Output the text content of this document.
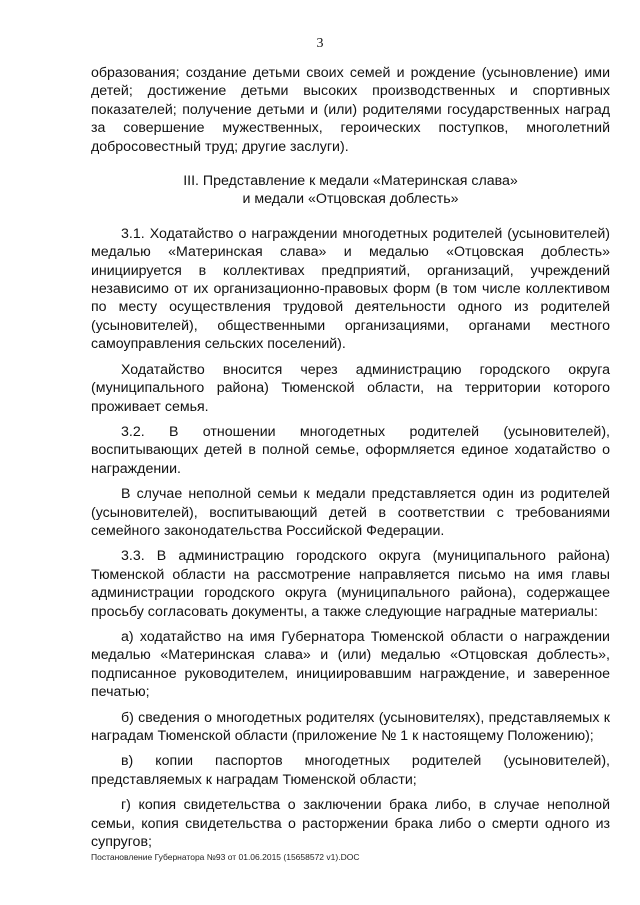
3

образования; создание детьми своих семей и рождение (усыновление) ими детей; достижение детьми высоких производственных и спортивных показателей; получение детьми и (или) родителями государственных наград за совершение мужественных, героических поступков, многолетний добросовестный труд; другие заслуги).

III. Представление к медали «Материнская слава»
и медали «Отцовская доблесть»

3.1. Ходатайство о награждении многодетных родителей (усыновителей) медалью «Материнская слава» и медалью «Отцовская доблесть» инициируется в коллективах предприятий, организаций, учреждений независимо от их организационно-правовых форм (в том числе коллективом по месту осуществления трудовой деятельности одного из родителей (усыновителей), общественными организациями, органами местного самоуправления сельских поселений).

Ходатайство вносится через администрацию городского округа (муниципального района) Тюменской области, на территории которого проживает семья.

3.2. В отношении многодетных родителей (усыновителей), воспитывающих детей в полной семье, оформляется единое ходатайство о награждении.

В случае неполной семьи к медали представляется один из родителей (усыновителей), воспитывающий детей в соответствии с требованиями семейного законодательства Российской Федерации.

3.3. В администрацию городского округа (муниципального района) Тюменской области на рассмотрение направляется письмо на имя главы администрации городского округа (муниципального района), содержащее просьбу согласовать документы, а также следующие наградные материалы:

а) ходатайство на имя Губернатора Тюменской области о награждении медалью «Материнская слава» и (или) медалью «Отцовская доблесть», подписанное руководителем, инициировавшим награждение, и заверенное печатью;

б) сведения о многодетных родителях (усыновителях), представляемых к наградам Тюменской области (приложение № 1 к настоящему Положению);

в) копии паспортов многодетных родителей (усыновителей), представляемых к наградам Тюменской области;

г) копия свидетельства о заключении брака либо, в случае неполной семьи, копия свидетельства о расторжении брака либо о смерти одного из супругов;

Постановление Губернатора №93 от 01.06.2015 (15658572 v1).DOC
